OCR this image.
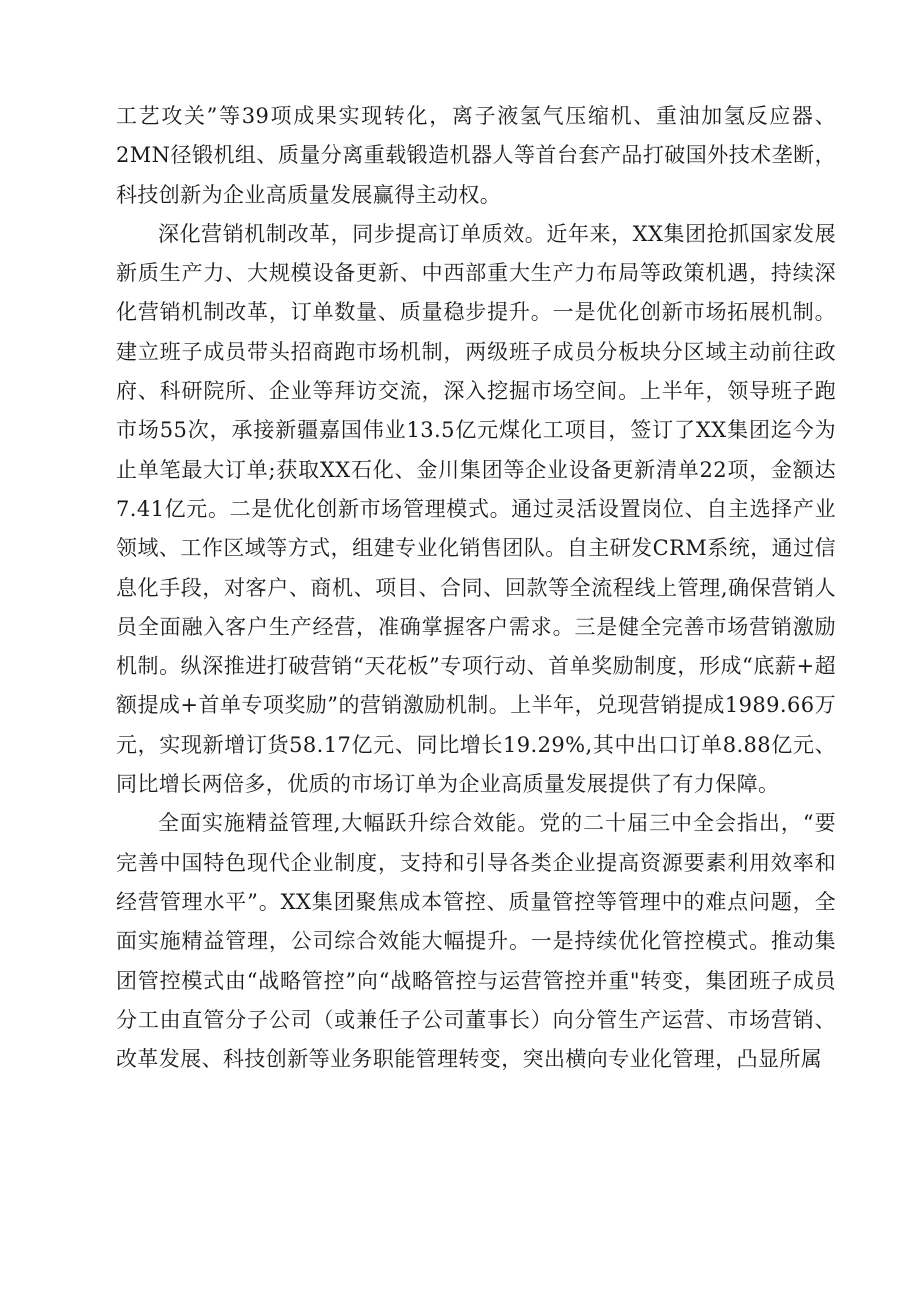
工艺攻关”等39项成果实现转化，离子液氢气压缩机、重油加氢反应器、2MN径锻机组、质量分离重载锻造机器人等首台套产品打破国外技术垄断，科技创新为企业高质量发展赢得主动权。

深化营销机制改革，同步提高订单质效。近年来，XX集团抢抓国家发展新质生产力、大规模设备更新、中西部重大生产力布局等政策机遇，持续深化营销机制改革，订单数量、质量稳步提升。一是优化创新市场拓展机制。建立班子成员带头招商跑市场机制，两级班子成员分板块分区域主动前往政府、科研院所、企业等拜访交流，深入挖掘市场空间。上半年，领导班子跑市场55次，承接新疆嘉国伟业13.5亿元煤化工项目，签订了XX集团迄今为止单笔最大订单;获取XX石化、金川集团等企业设备更新清单22项，金额达7.41亿元。二是优化创新市场管理模式。通过灵活设置岗位、自主选择产业领域、工作区域等方式，组建专业化销售团队。自主研发CRM系统，通过信息化手段，对客户、商机、项目、合同、回款等全流程线上管理,确保营销人员全面融入客户生产经营，准确掌握客户需求。三是健全完善市场营销激励机制。纵深推进打破营销“天花板”专项行动、首单奖励制度，形成“底薪+超额提成+首单专项奖励”的营销激励机制。上半年，兑现营销提成1989.66万元，实现新增订货58.17亿元、同比增长19.29%,其中出口订单8.88亿元、同比增长两倍多，优质的市场订单为企业高质量发展提供了有力保障。

全面实施精益管理,大幅跃升综合效能。党的二十届三中全会指出，“要完善中国特色现代企业制度，支持和引导各类企业提高资源要素利用效率和经营管理水平”。XX集团聚焦成本管控、质量管控等管理中的难点问题，全面实施精益管理，公司综合效能大幅提升。一是持续优化管控模式。推动集团管控模式由“战略管控”向“战略管控与运营管控并重"转变，集团班子成员分工由直管分子公司（或兼任子公司董事长）向分管生产运营、市场营销、改革发展、科技创新等业务职能管理转变，突出横向专业化管理，凸显所属
